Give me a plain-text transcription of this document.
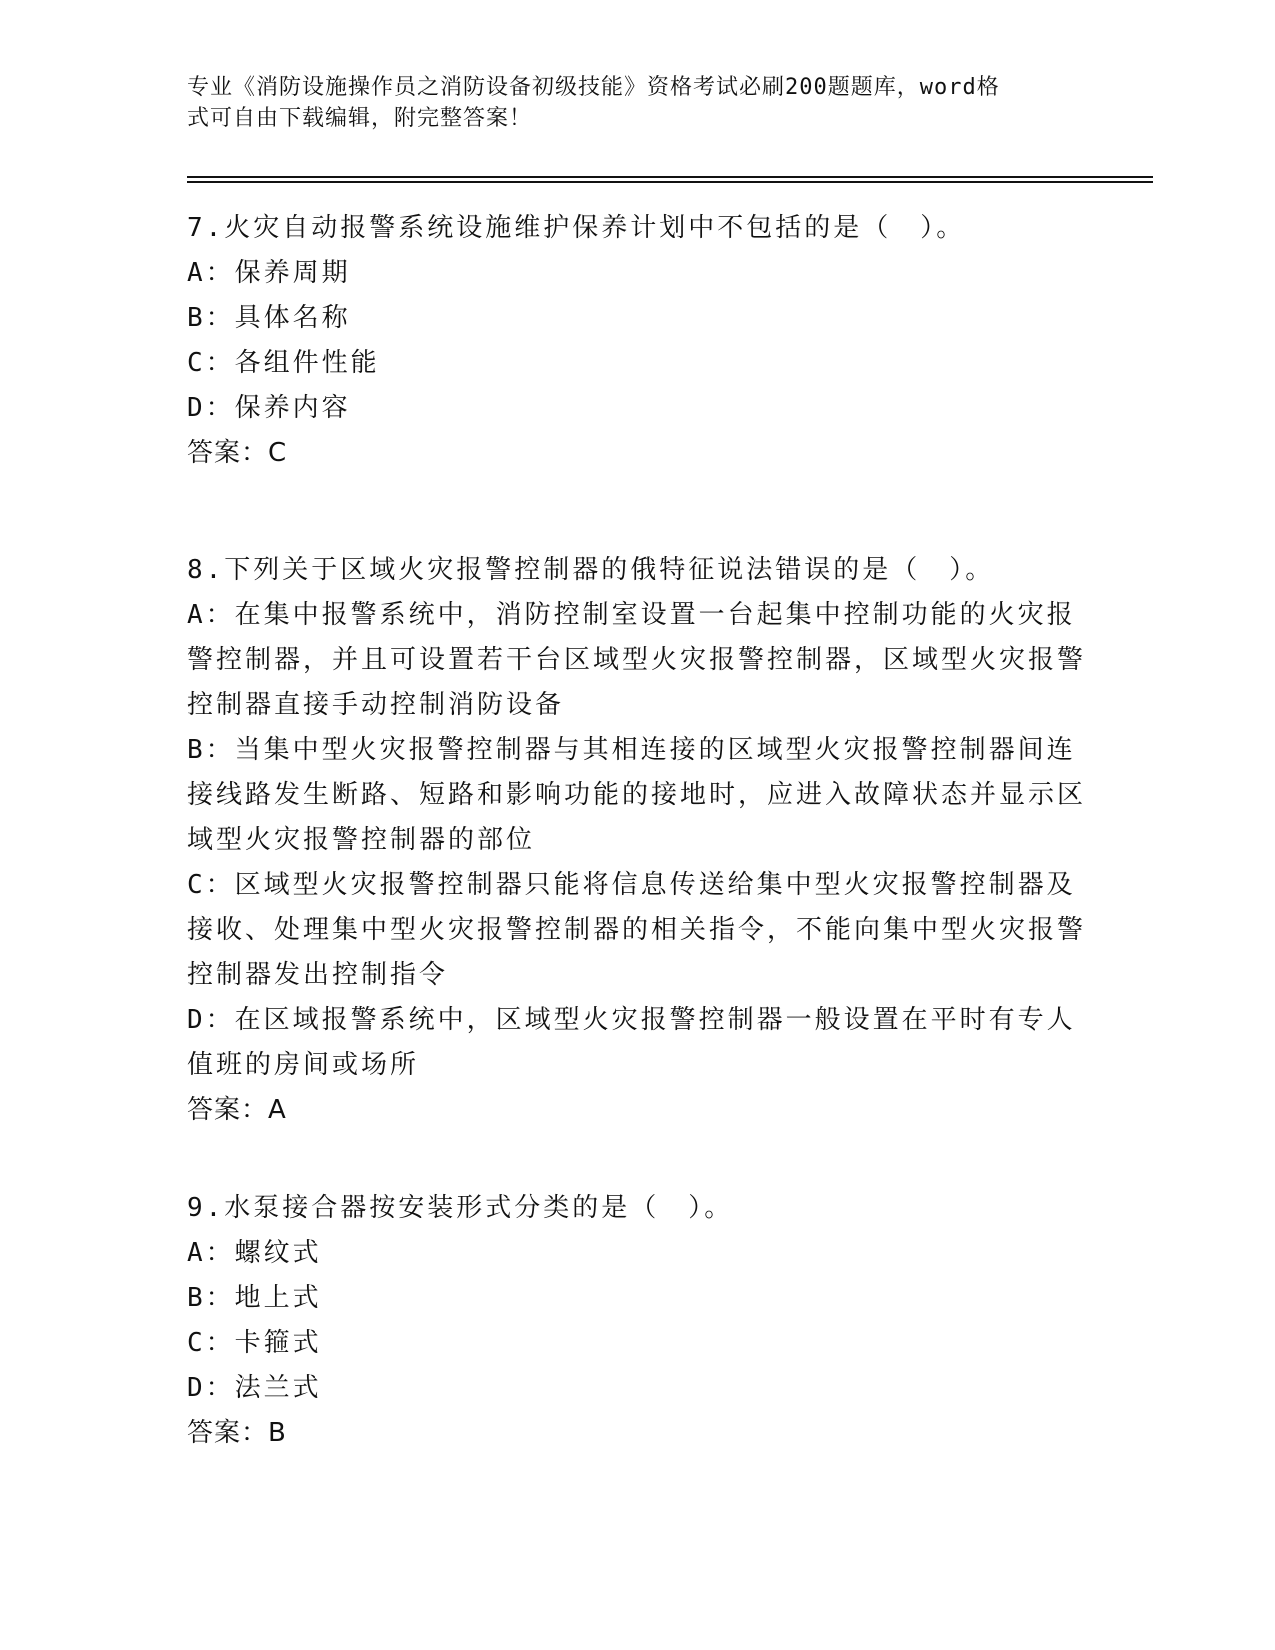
专业《消防设施操作员之消防设备初级技能》资格考试必刷200题题库，word格
式可自由下载编辑，附完整答案！
7.火灾自动报警系统设施维护保养计划中不包括的是（　）。
A：保养周期
B：具体名称
C：各组件性能
D：保养内容
答案：C
8.下列关于区域火灾报警控制器的俄特征说法错误的是（　）。
A：在集中报警系统中，消防控制室设置一台起集中控制功能的火灾报警控制器，并且可设置若干台区域型火灾报警控制器，区域型火灾报警控制器直接手动控制消防设备
B：当集中型火灾报警控制器与其相连接的区域型火灾报警控制器间连接线路发生断路、短路和影响功能的接地时，应进入故障状态并显示区域型火灾报警控制器的部位
C：区域型火灾报警控制器只能将信息传送给集中型火灾报警控制器及接收、处理集中型火灾报警控制器的相关指令，不能向集中型火灾报警控制器发出控制指令
D：在区域报警系统中，区域型火灾报警控制器一般设置在平时有专人值班的房间或场所
答案：A
9.水泵接合器按安装形式分类的是（　）。
A：螺纹式
B：地上式
C：卡箍式
D：法兰式
答案：B
